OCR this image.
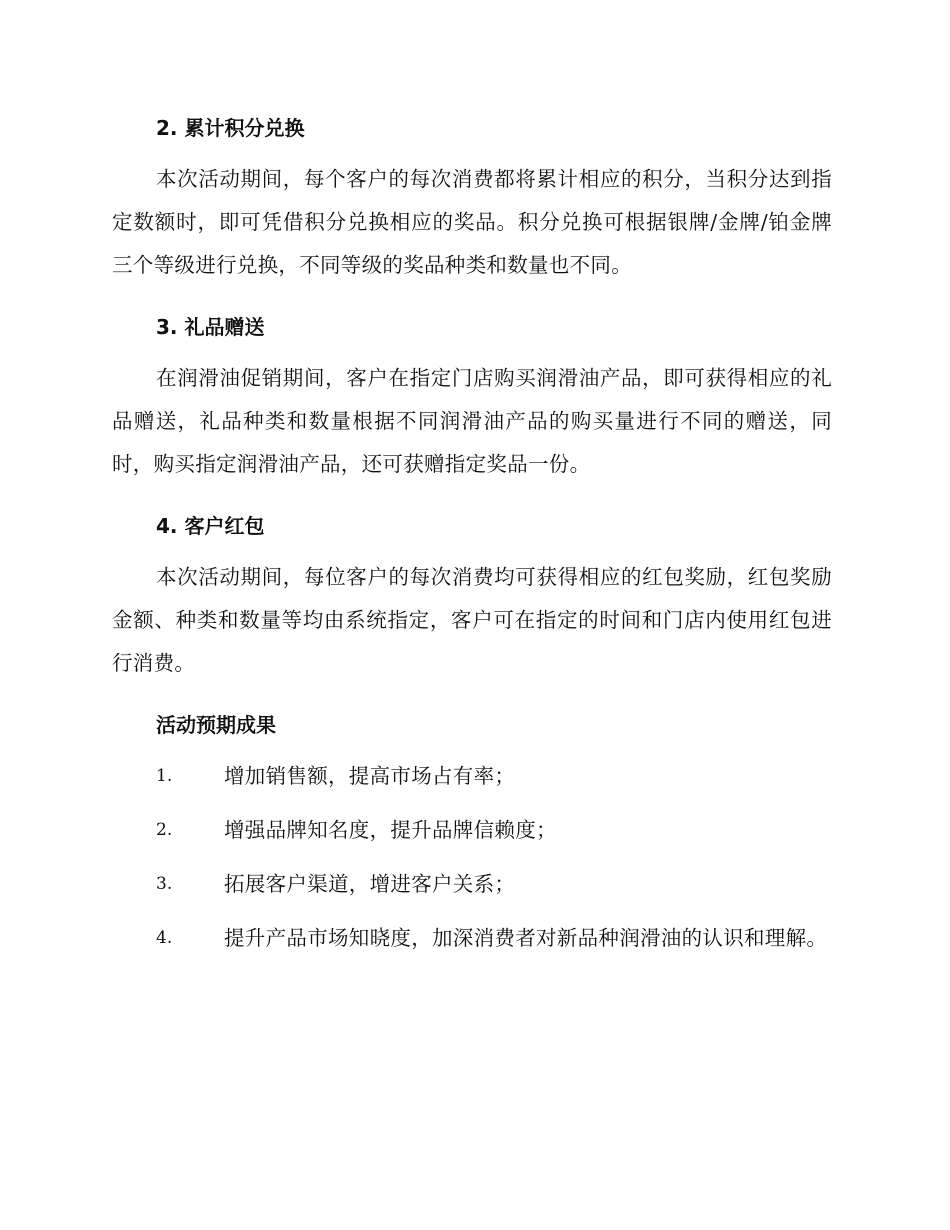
2. 累计积分兑换

本次活动期间，每个客户的每次消费都将累计相应的积分，当积分达到指定数额时，即可凭借积分兑换相应的奖品。积分兑换可根据银牌/金牌/铂金牌三个等级进行兑换，不同等级的奖品种类和数量也不同。

3. 礼品赠送

在润滑油促销期间，客户在指定门店购买润滑油产品，即可获得相应的礼品赠送，礼品种类和数量根据不同润滑油产品的购买量进行不同的赠送，同时，购买指定润滑油产品，还可获赠指定奖品一份。

4. 客户红包

本次活动期间，每位客户的每次消费均可获得相应的红包奖励，红包奖励金额、种类和数量等均由系统指定，客户可在指定的时间和门店内使用红包进行消费。

活动预期成果
1.	增加销售额，提高市场占有率；
2.	增强品牌知名度，提升品牌信赖度；
3.	拓展客户渠道，增进客户关系；
4.	提升产品市场知晓度，加深消费者对新品种润滑油的认识和理解。
